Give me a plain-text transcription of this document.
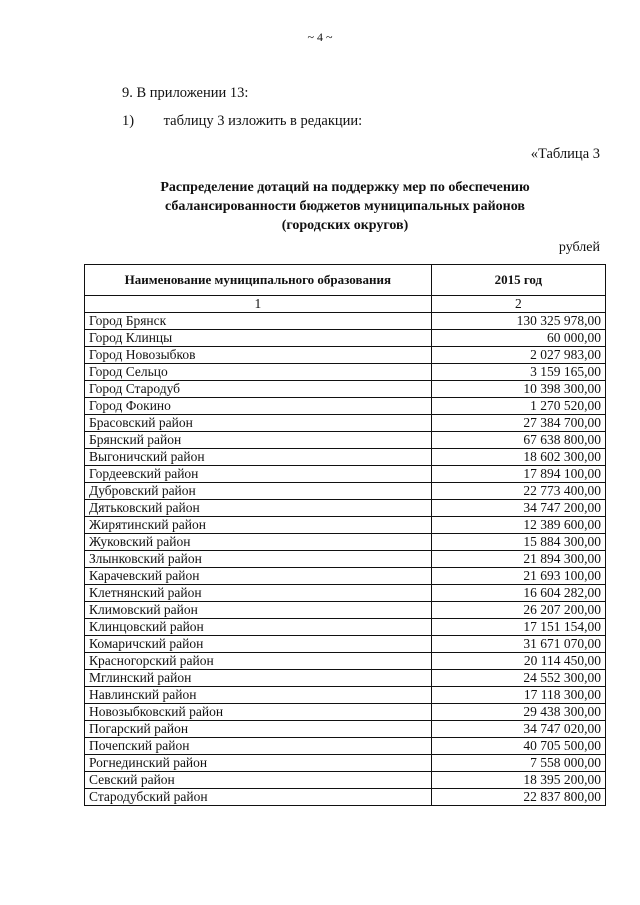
~ 4 ~
9. В приложении 13:
1) таблицу 3 изложить в редакции:
«Таблица 3
Распределение дотаций на поддержку мер по обеспечению
сбалансированности бюджетов муниципальных районов
(городских округов)
рублей
Наименование муниципального образования	2015 год
1	2
Город Брянск	130 325 978,00
Город Клинцы	60 000,00
Город Новозыбков	2 027 983,00
Город Сельцо	3 159 165,00
Город Стародуб	10 398 300,00
Город Фокино	1 270 520,00
Брасовский район	27 384 700,00
Брянский район	67 638 800,00
Выгоничский район	18 602 300,00
Гордеевский район	17 894 100,00
Дубровский район	22 773 400,00
Дятьковский район	34 747 200,00
Жирятинский район	12 389 600,00
Жуковский район	15 884 300,00
Злынковский район	21 894 300,00
Карачевский район	21 693 100,00
Клетнянский район	16 604 282,00
Климовский район	26 207 200,00
Клинцовский район	17 151 154,00
Комаричский район	31 671 070,00
Красногорский район	20 114 450,00
Мглинский район	24 552 300,00
Навлинский район	17 118 300,00
Новозыбковский район	29 438 300,00
Погарский район	34 747 020,00
Почепский район	40 705 500,00
Рогнединский район	7 558 000,00
Севский район	18 395 200,00
Стародубский район	22 837 800,00
